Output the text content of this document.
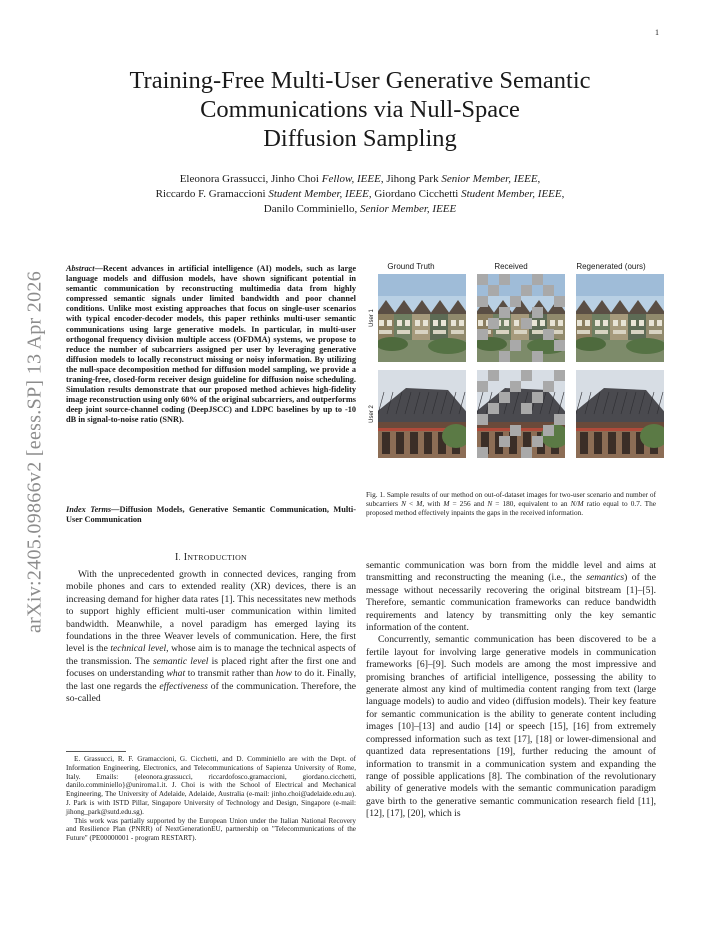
1
arXiv:2405.09866v2 [eess.SP] 13 Apr 2026
Training-Free Multi-User Generative Semantic
Communications via Null-Space
Diffusion Sampling
Eleonora Grassucci, Jinho Choi Fellow, IEEE, Jihong Park Senior Member, IEEE,
Riccardo F. Gramaccioni Student Member, IEEE, Giordano Cicchetti Student Member, IEEE,
Danilo Comminiello, Senior Member, IEEE
Abstract—Recent advances in artificial intelligence (AI) models, such as large language models and diffusion models, have shown significant potential in semantic communication by reconstructing multimedia data from highly compressed semantic signals under limited bandwidth and poor channel conditions. Unlike most existing approaches that focus on single-user scenarios with typical encoder-decoder models, this paper rethinks multi-user semantic communications using large generative models. In particular, in multi-user orthogonal frequency division multiple access (OFDMA) systems, we propose to reduce the number of subcarriers assigned per user by leveraging generative diffusion models to locally reconstruct missing or noisy information. By utilizing the null-space decomposition method for diffusion model sampling, we provide a traning-free, closed-form receiver design guideline for diffusion noise scheduling. Simulation results demonstrate that our proposed method achieves high-fidelity image reconstruction using only 60% of the original subcarriers, and outperforms deep joint source-channel coding (DeepJSCC) and LDPC baselines by up to -10 dB in signal-to-noise ratio (SNR).
Index Terms—Diffusion Models, Generative Semantic Communication, Multi-User Communication
I. INTRODUCTION

With the unprecedented growth in connected devices, ranging from mobile phones and cars to extended reality (XR) devices, there is an increasing demand for higher data rates [1]. This necessitates new methods to support highly efficient multi-user communication within limited bandwidth. Meanwhile, a novel paradigm has emerged laying its foundations in the three Weaver levels of communication. Here, the first level is the technical level, whose aim is to manage the technical aspects of the transmission. The semantic level is placed right after the first one and focuses on understanding what to transmit rather than how to do it. Finally, the last one regards the effectiveness of the communication. Therefore, the so-called

E. Grassucci, R. F. Gramaccioni, G. Cicchetti, and D. Comminiello are with the Dept. of Information Engineering, Electronics, and Telecommunications of Sapienza University of Rome, Italy. Emails: {eleonora.grassucci, riccardofosco.gramaccioni, giordano.cicchetti, danilo.comminiello}@uniroma1.it. J. Choi is with the School of Electrical and Mechanical Engineering, The University of Adelaide, Adelaide, Australia (e-mail: jinho.choi@adelaide.edu.au). J. Park is with ISTD Pillar, Singapore University of Technology and Design, Singapore (e-mail: jihong_park@sutd.edu.sg).

This work was partially supported by the European Union under the Italian National Recovery and Resilience Plan (PNRR) of NextGenerationEU, partnership on "Telecommunications of the Future" (PE00000001 - program RESTART).

Ground Truth	Received	Regenerated (ours)
User 1
User 2
Fig. 1. Sample results of our method on out-of-dataset images for two-user scenario and number of subcarriers N < M, with M = 256 and N = 180, equivalent to an N/M ratio equal to 0.7. The proposed method effectively inpaints the gaps in the received information.

semantic communication was born from the middle level and aims at transmitting and reconstructing the meaning (i.e., the semantics) of the message without necessarily recovering the original bitstream [1]–[5]. Therefore, semantic communication frameworks can reduce bandwidth requirements and latency by transmitting only the key semantic information of the content.

Concurrently, semantic communication has been discovered to be a fertile layout for involving large generative models in communication frameworks [6]–[9]. Such models are among the most impressive and promising branches of artificial intelligence, possessing the ability to generate almost any kind of multimedia content ranging from text (large language models) to audio and video (diffusion models). Their key feature for semantic communication is the ability to generate content including images [10]–[13] and audio [14] or speech [15], [16] from extremely compressed information such as text [17], [18] or lower-dimensional and quantized data representations [19], further reducing the amount of information to transmit in a communication system and expanding the range of possible applications [8]. The combination of the revolutionary ability of generative models with the semantic communication paradigm gave birth to the generative semantic communication research field [11], [12], [17], [20], which is
